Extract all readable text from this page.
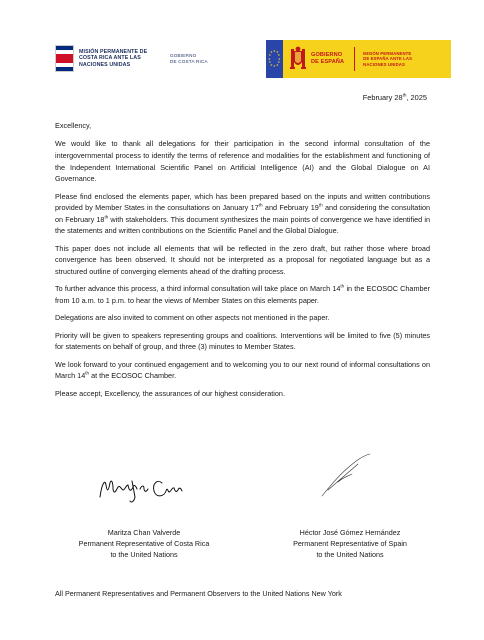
MISIÓN PERMANENTE DE
COSTA RICA ANTE LAS
NACIONES UNIDAS
GOBIERNO
DE COSTA RICA
★ ★
★
★
★
★
★
★
★
★
★
★
GOBIERNO
DE ESPAÑA
MISIÓN PERMANENTE
DE ESPAÑA ANTE LAS
NACIONES UNIDAS
February 28th, 2025
Excellency,
We would like to thank all delegations for their participation in the second informal consultation of the intergovernmental process to identify the terms of reference and modalities for the establishment and functioning of the Independent International Scientific Panel on Artificial Intelligence (AI) and the Global Dialogue on AI Governance.
Please find enclosed the elements paper, which has been prepared based on the inputs and written contributions provided by Member States in the consultations on January 17th and February 19th and considering the consultation on February 18th with stakeholders. This document synthesizes the main points of convergence we have identified in the statements and written contributions on the Scientific Panel and the Global Dialogue.
This paper does not include all elements that will be reflected in the zero draft, but rather those where broad convergence has been observed. It should not be interpreted as a proposal for negotiated language but as a structured outline of converging elements ahead of the drafting process.
To further advance this process, a third informal consultation will take place on March 14th in the ECOSOC Chamber from 10 a.m. to 1 p.m. to hear the views of Member States on this elements paper.
Delegations are also invited to comment on other aspects not mentioned in the paper.
Priority will be given to speakers representing groups and coalitions. Interventions will be limited to five (5) minutes for statements on behalf of group, and three (3) minutes to Member States.
We look forward to your continued engagement and to welcoming you to our next round of informal consultations on March 14th at the ECOSOC Chamber.
Please accept, Excellency, the assurances of our highest consideration.
Maritza Chan Valverde
Permanent Representative of Costa Rica
to the United Nations
Héctor José Gómez Hernández
Permanent Representative of Spain
to the United Nations
All Permanent Representatives and Permanent Observers to the United Nations New York
